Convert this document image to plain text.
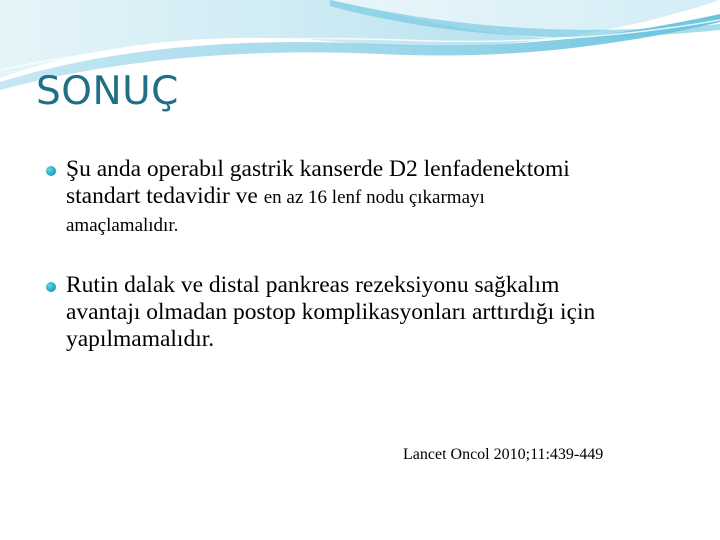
SONUÇ
Şu anda operabıl gastrik kanserde D2 lenfadenektomi
standart tedavidir ve en az 16 lenf nodu çıkarmayı
amaçlamalıdır.
Rutin dalak ve distal pankreas rezeksiyonu sağkalım
avantajı olmadan postop komplikasyonları arttırdığı için
yapılmamalıdır.

Lancet Oncol 2010;11:439-449
